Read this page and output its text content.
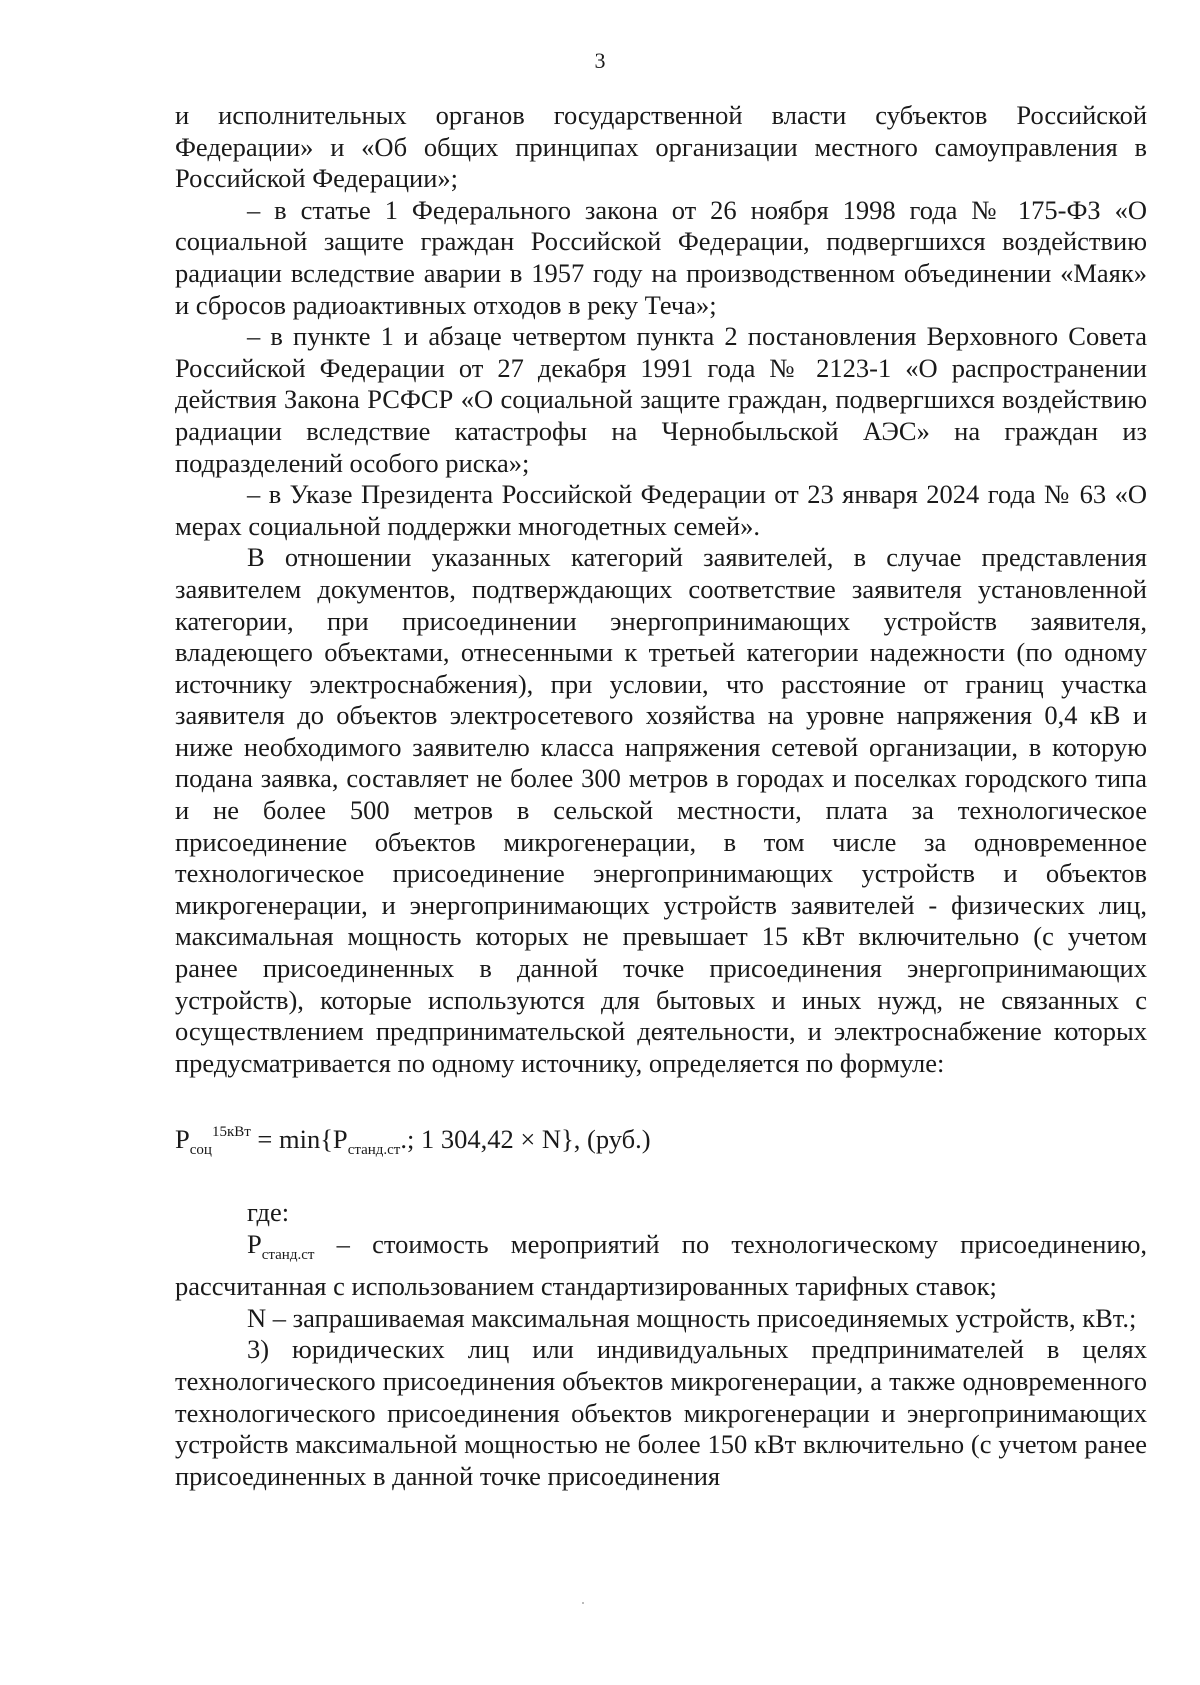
3

и исполнительных органов государственной власти субъектов Российской Федерации» и «Об общих принципах организации местного самоуправления в Российской Федерации»;

– в статье 1 Федерального закона от 26 ноября 1998 года № 175-ФЗ «О социальной защите граждан Российской Федерации, подвергшихся воздействию радиации вследствие аварии в 1957 году на производственном объединении «Маяк» и сбросов радиоактивных отходов в реку Теча»;

– в пункте 1 и абзаце четвертом пункта 2 постановления Верховного Совета Российской Федерации от 27 декабря 1991 года № 2123-1 «О распространении действия Закона РСФСР «О социальной защите граждан, подвергшихся воздействию радиации вследствие катастрофы на Чернобыльской АЭС» на граждан из подразделений особого риска»;

– в Указе Президента Российской Федерации от 23 января 2024 года № 63 «О мерах социальной поддержки многодетных семей».

В отношении указанных категорий заявителей, в случае представления заявителем документов, подтверждающих соответствие заявителя установленной категории, при присоединении энергопринимающих устройств заявителя, владеющего объектами, отнесенными к третьей категории надежности (по одному источнику электроснабжения), при условии, что расстояние от границ участка заявителя до объектов электросетевого хозяйства на уровне напряжения 0,4 кВ и ниже необходимого заявителю класса напряжения сетевой организации, в которую подана заявка, составляет не более 300 метров в городах и поселках городского типа и не более 500 метров в сельской местности, плата за технологическое присоединение объектов микрогенерации, в том числе за одновременное технологическое присоединение энергопринимающих устройств и объектов микрогенерации, и энергопринимающих устройств заявителей - физических лиц, максимальная мощность которых не превышает 15 кВт включительно (с учетом ранее присоединенных в данной точке присоединения энергопринимающих устройств), которые используются для бытовых и иных нужд, не связанных с осуществлением предпринимательской деятельности, и электроснабжение которых предусматривается по одному источнику, определяется по формуле:

$P_{соц}^{15кВт} = \min\{P_{станд.ст}$.; 1 304,42 × N}, (руб.)

где:

$P_{станд.ст}$ – стоимость мероприятий по технологическому присоединению, рассчитанная с использованием стандартизированных тарифных ставок;

N – запрашиваемая максимальная мощность присоединяемых устройств, кВт.;

3) юридических лиц или индивидуальных предпринимателей в целях технологического присоединения объектов микрогенерации, а также одновременного технологического присоединения объектов микрогенерации и энергопринимающих устройств максимальной мощностью не более 150 кВт включительно (с учетом ранее присоединенных в данной точке присоединения
